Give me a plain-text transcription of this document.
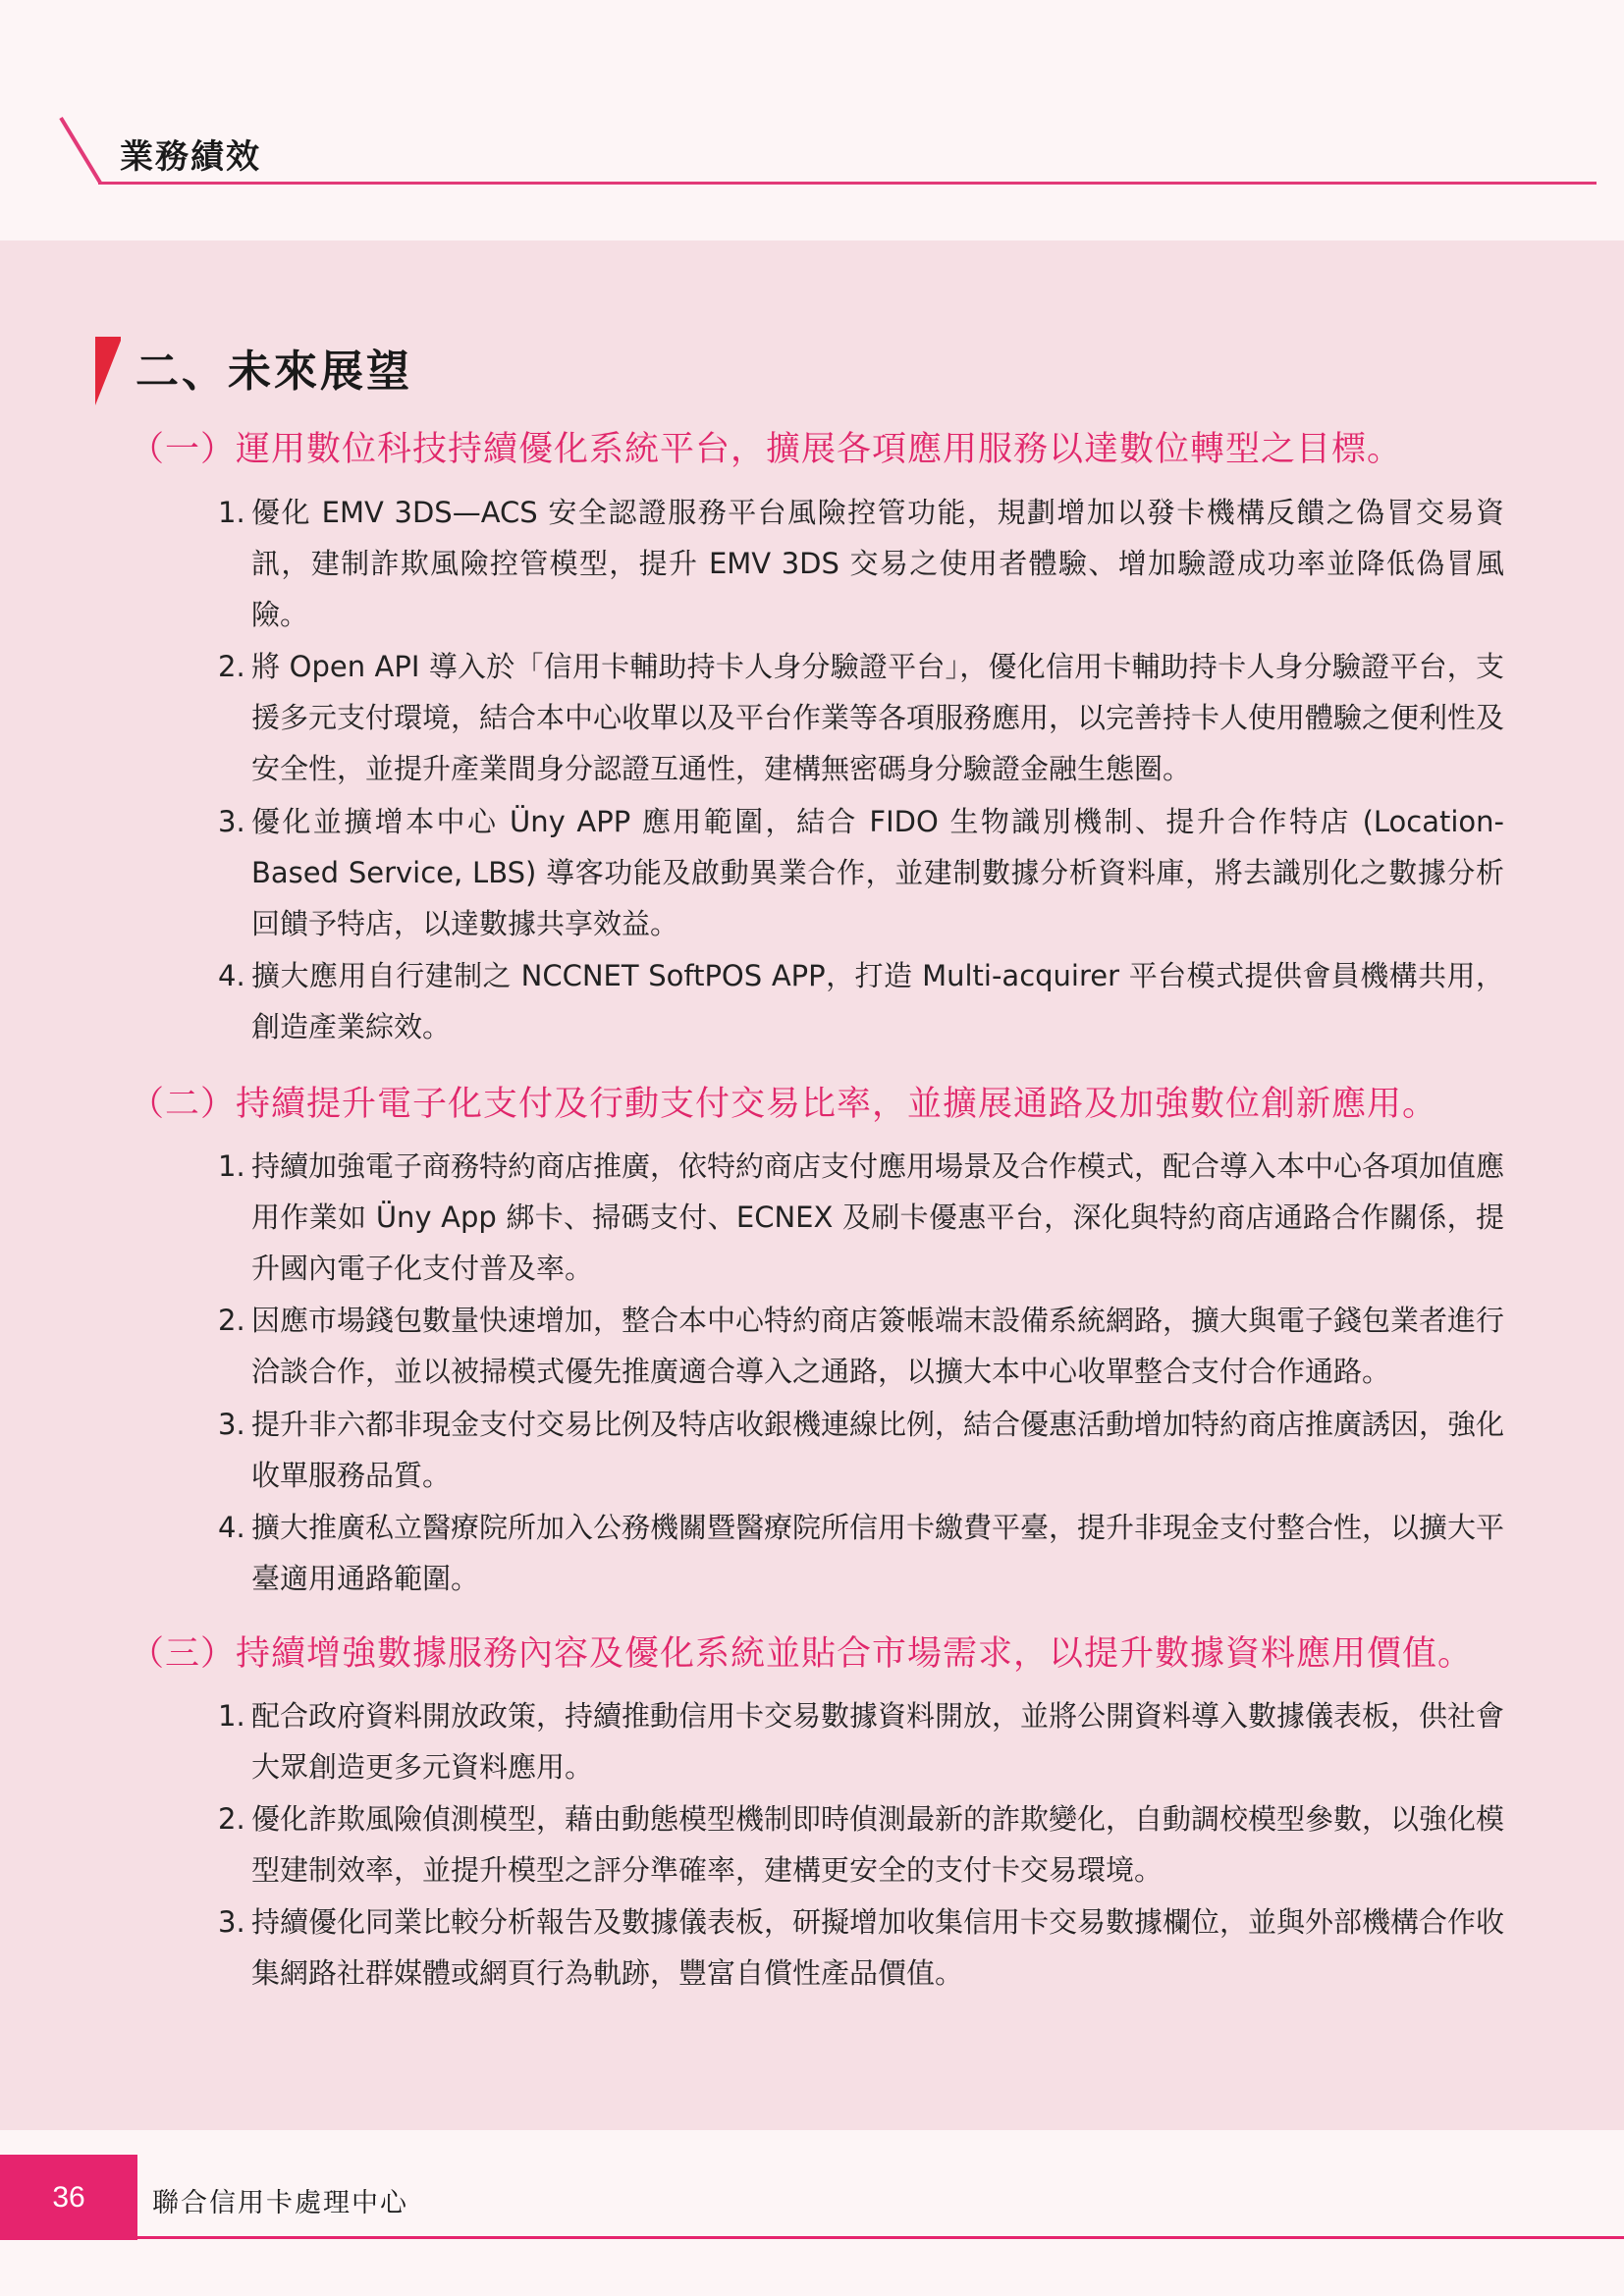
業務績效
二、未來展望
（一）運用數位科技持續優化系統平台，擴展各項應用服務以達數位轉型之目標。
1. 優化 EMV 3DS—ACS 安全認證服務平台風險控管功能，規劃增加以發卡機構反饋之偽冒交易資訊，建制詐欺風險控管模型，提升 EMV 3DS 交易之使用者體驗、增加驗證成功率並降低偽冒風險。
2. 將 Open API 導入於「信用卡輔助持卡人身分驗證平台」，優化信用卡輔助持卡人身分驗證平台，支援多元支付環境，結合本中心收單以及平台作業等各項服務應用，以完善持卡人使用體驗之便利性及安全性，並提升產業間身分認證互通性，建構無密碼身分驗證金融生態圈。
3. 優化並擴增本中心 Üny APP 應用範圍，結合 FIDO 生物識別機制、提升合作特店 (Location-Based Service, LBS) 導客功能及啟動異業合作，並建制數據分析資料庫，將去識別化之數據分析回饋予特店，以達數據共享效益。
4. 擴大應用自行建制之 NCCNET SoftPOS APP，打造 Multi-acquirer 平台模式提供會員機構共用，創造產業綜效。
（二）持續提升電子化支付及行動支付交易比率，並擴展通路及加強數位創新應用。
1. 持續加強電子商務特約商店推廣，依特約商店支付應用場景及合作模式，配合導入本中心各項加值應用作業如 Üny App 綁卡、掃碼支付、ECNEX 及刷卡優惠平台，深化與特約商店通路合作關係，提升國內電子化支付普及率。
2. 因應市場錢包數量快速增加，整合本中心特約商店簽帳端末設備系統網路，擴大與電子錢包業者進行洽談合作，並以被掃模式優先推廣適合導入之通路，以擴大本中心收單整合支付合作通路。
3. 提升非六都非現金支付交易比例及特店收銀機連線比例，結合優惠活動增加特約商店推廣誘因，強化收單服務品質。
4. 擴大推廣私立醫療院所加入公務機關暨醫療院所信用卡繳費平臺，提升非現金支付整合性，以擴大平臺適用通路範圍。
（三）持續增強數據服務內容及優化系統並貼合市場需求，以提升數據資料應用價值。
1. 配合政府資料開放政策，持續推動信用卡交易數據資料開放，並將公開資料導入數據儀表板，供社會大眾創造更多元資料應用。
2. 優化詐欺風險偵測模型，藉由動態模型機制即時偵測最新的詐欺變化，自動調校模型參數，以強化模型建制效率，並提升模型之評分準確率，建構更安全的支付卡交易環境。
3. 持續優化同業比較分析報告及數據儀表板，研擬增加收集信用卡交易數據欄位，並與外部機構合作收集網路社群媒體或網頁行為軌跡，豐富自償性產品價值。
36	聯合信用卡處理中心
